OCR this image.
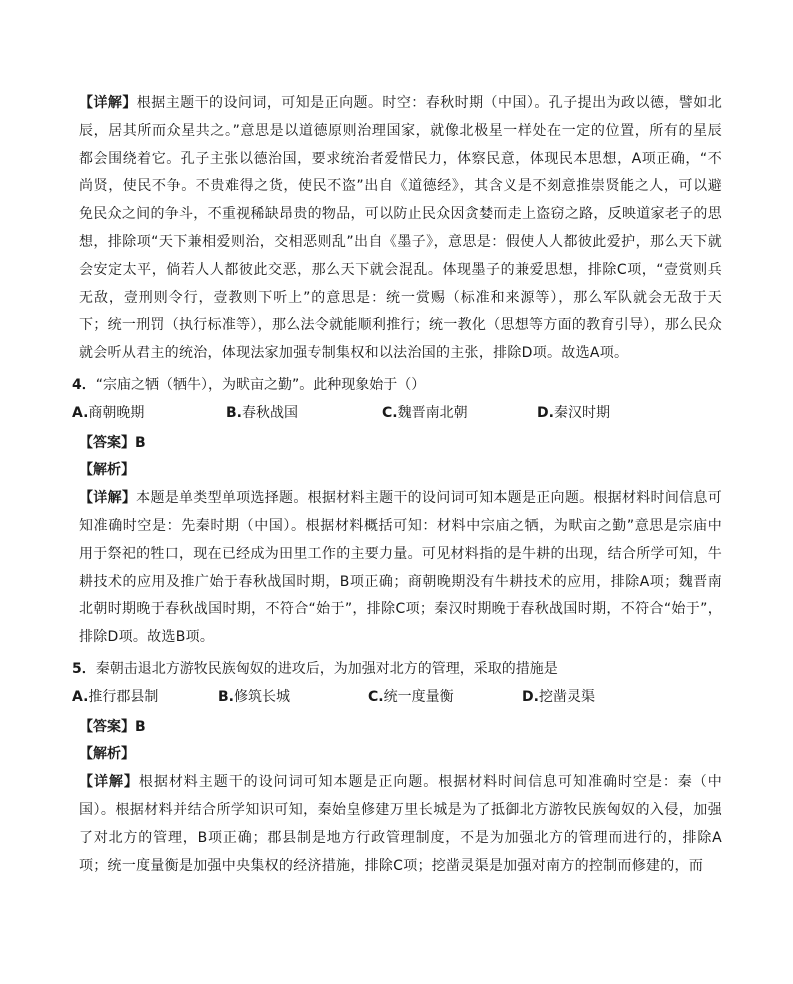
【详解】根据主题干的设问词，可知是正向题。时空：春秋时期（中国）。孔子提出为政以德，譬如北辰，居其所而众星共之。”意思是以道德原则治理国家，就像北极星一样处在一定的位置，所有的星辰都会围绕着它。孔子主张以德治国，要求统治者爱惜民力，体察民意，体现民本思想，A项正确，“不尚贤，使民不争。不贵难得之货，使民不盗”出自《道德经》，其含义是不刻意推崇贤能之人，可以避免民众之间的争斗，不重视稀缺昂贵的物品，可以防止民众因贪婪而走上盗窃之路，反映道家老子的思想，排除项“天下兼相爱则治，交相恶则乱”出自《墨子》，意思是：假使人人都彼此爱护，那么天下就会安定太平，倘若人人都彼此交恶，那么天下就会混乱。体现墨子的兼爱思想，排除C项，“壹赏则兵无敌，壹刑则令行，壹教则下听上”的意思是：统一赏赐（标准和来源等），那么军队就会无敌于天下；统一刑罚（执行标准等），那么法令就能顺利推行；统一教化（思想等方面的教育引导），那么民众就会听从君主的统治，体现法家加强专制集权和以法治国的主张，排除D项。故选A项。

4．“宗庙之牺（牺牛），为畎亩之勤”。此种现象始于（）

A.商朝晚期	B.春秋战国	C.魏晋南北朝	D.秦汉时期

【答案】B

【解析】

【详解】本题是单类型单项选择题。根据材料主题干的设问词可知本题是正向题。根据材料时间信息可知准确时空是：先秦时期（中国）。根据材料概括可知：材料中宗庙之牺，为畎亩之勤”意思是宗庙中用于祭祀的牲口，现在已经成为田里工作的主要力量。可见材料指的是牛耕的出现，结合所学可知，牛耕技术的应用及推广始于春秋战国时期，B项正确；商朝晚期没有牛耕技术的应用，排除A项；魏晋南北朝时期晚于春秋战国时期，不符合“始于”，排除C项；秦汉时期晚于春秋战国时期，不符合“始于”，排除D项。故选B项。

5．秦朝击退北方游牧民族匈奴的进攻后，为加强对北方的管理，采取的措施是

A.推行郡县制	B.修筑长城	C.统一度量衡	D.挖凿灵渠

【答案】B

【解析】

【详解】根据材料主题干的设问词可知本题是正向题。根据材料时间信息可知准确时空是：秦（中国）。根据材料并结合所学知识可知，秦始皇修建万里长城是为了抵御北方游牧民族匈奴的入侵，加强了对北方的管理，B项正确；郡县制是地方行政管理制度，不是为加强北方的管理而进行的，排除A项；统一度量衡是加强中央集权的经济措施，排除C项；挖凿灵渠是加强对南方的控制而修建的，而
